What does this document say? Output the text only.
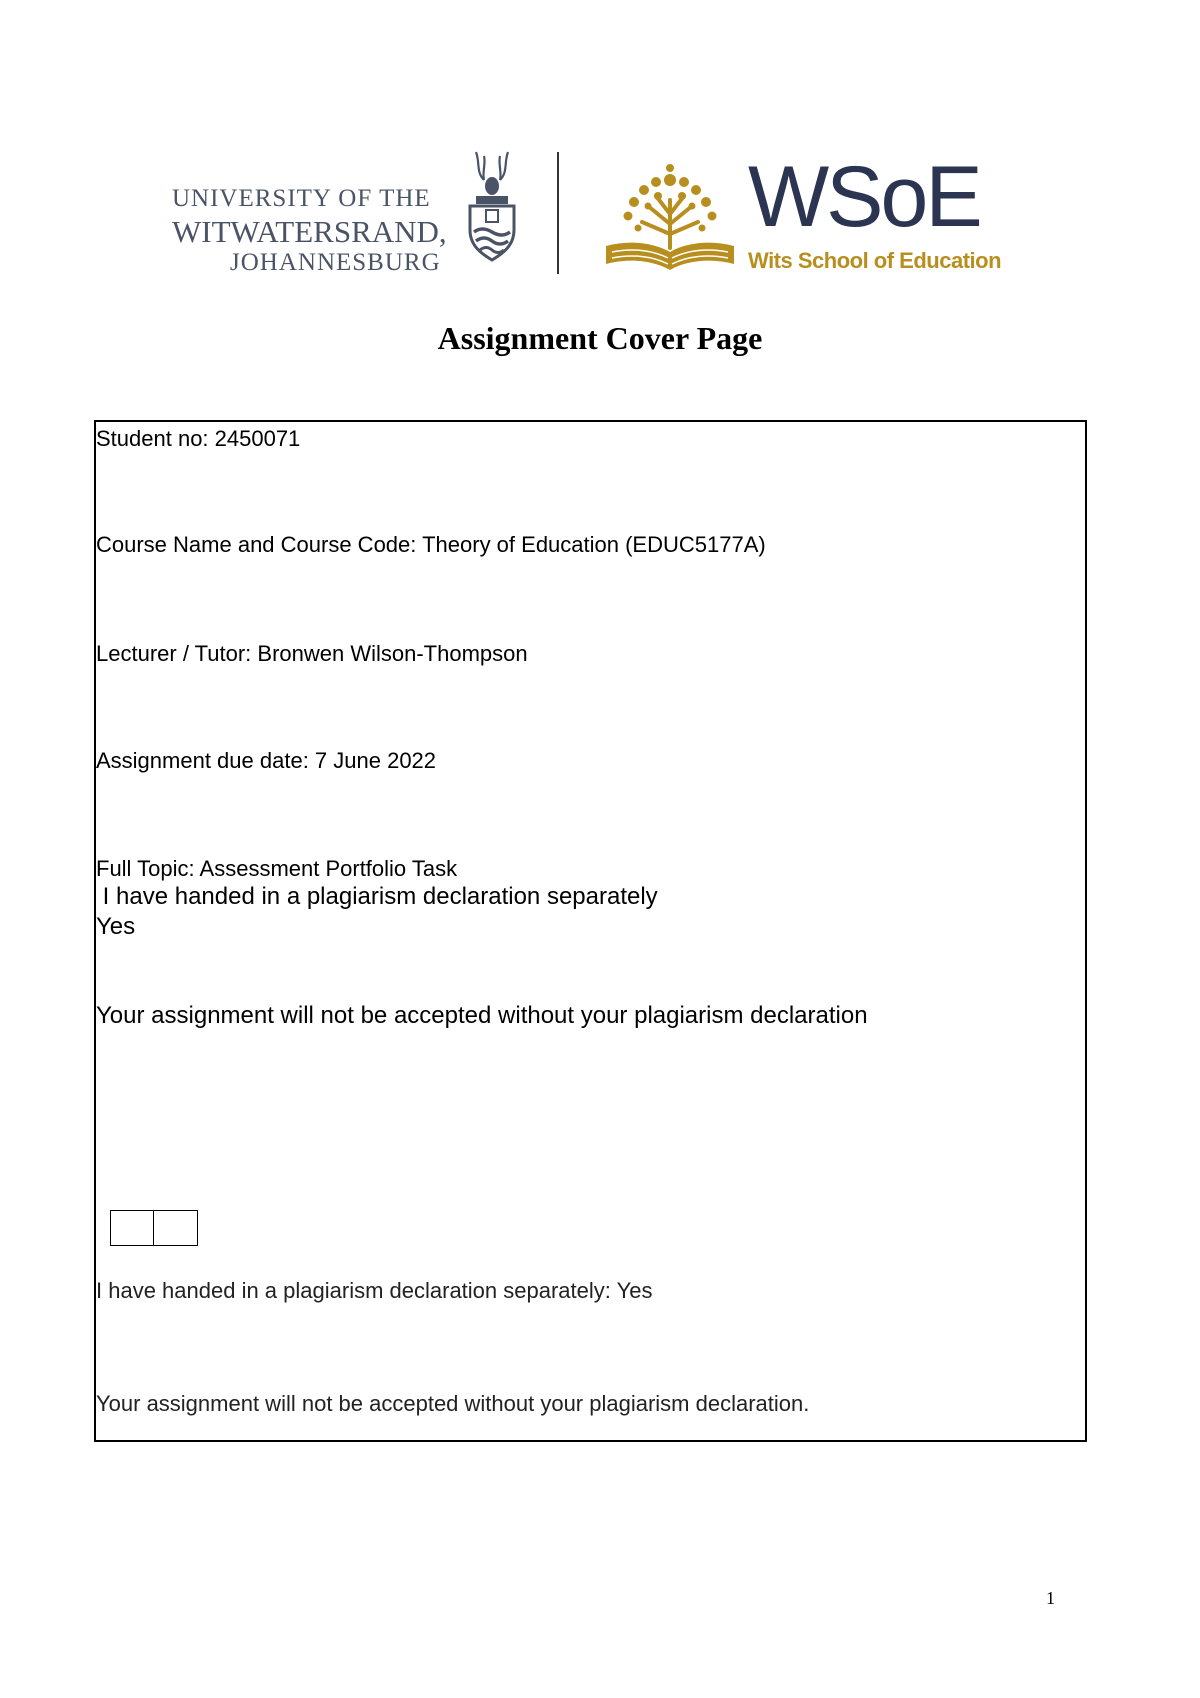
UNIVERSITY OF THE
WITWATERSRAND,
JOHANNESBURG
WSoE
Wits School of Education
Assignment Cover Page
Student no: 2450071
Course Name and Course Code: Theory of Education (EDUC5177A)
Lecturer / Tutor: Bronwen Wilson-Thompson
Assignment due date: 7 June 2022
Full Topic: Assessment Portfolio Task
I have handed in a plagiarism declaration separately
Yes
Your assignment will not be accepted without your plagiarism declaration
I have handed in a plagiarism declaration separately: Yes
Your assignment will not be accepted without your plagiarism declaration.
1
